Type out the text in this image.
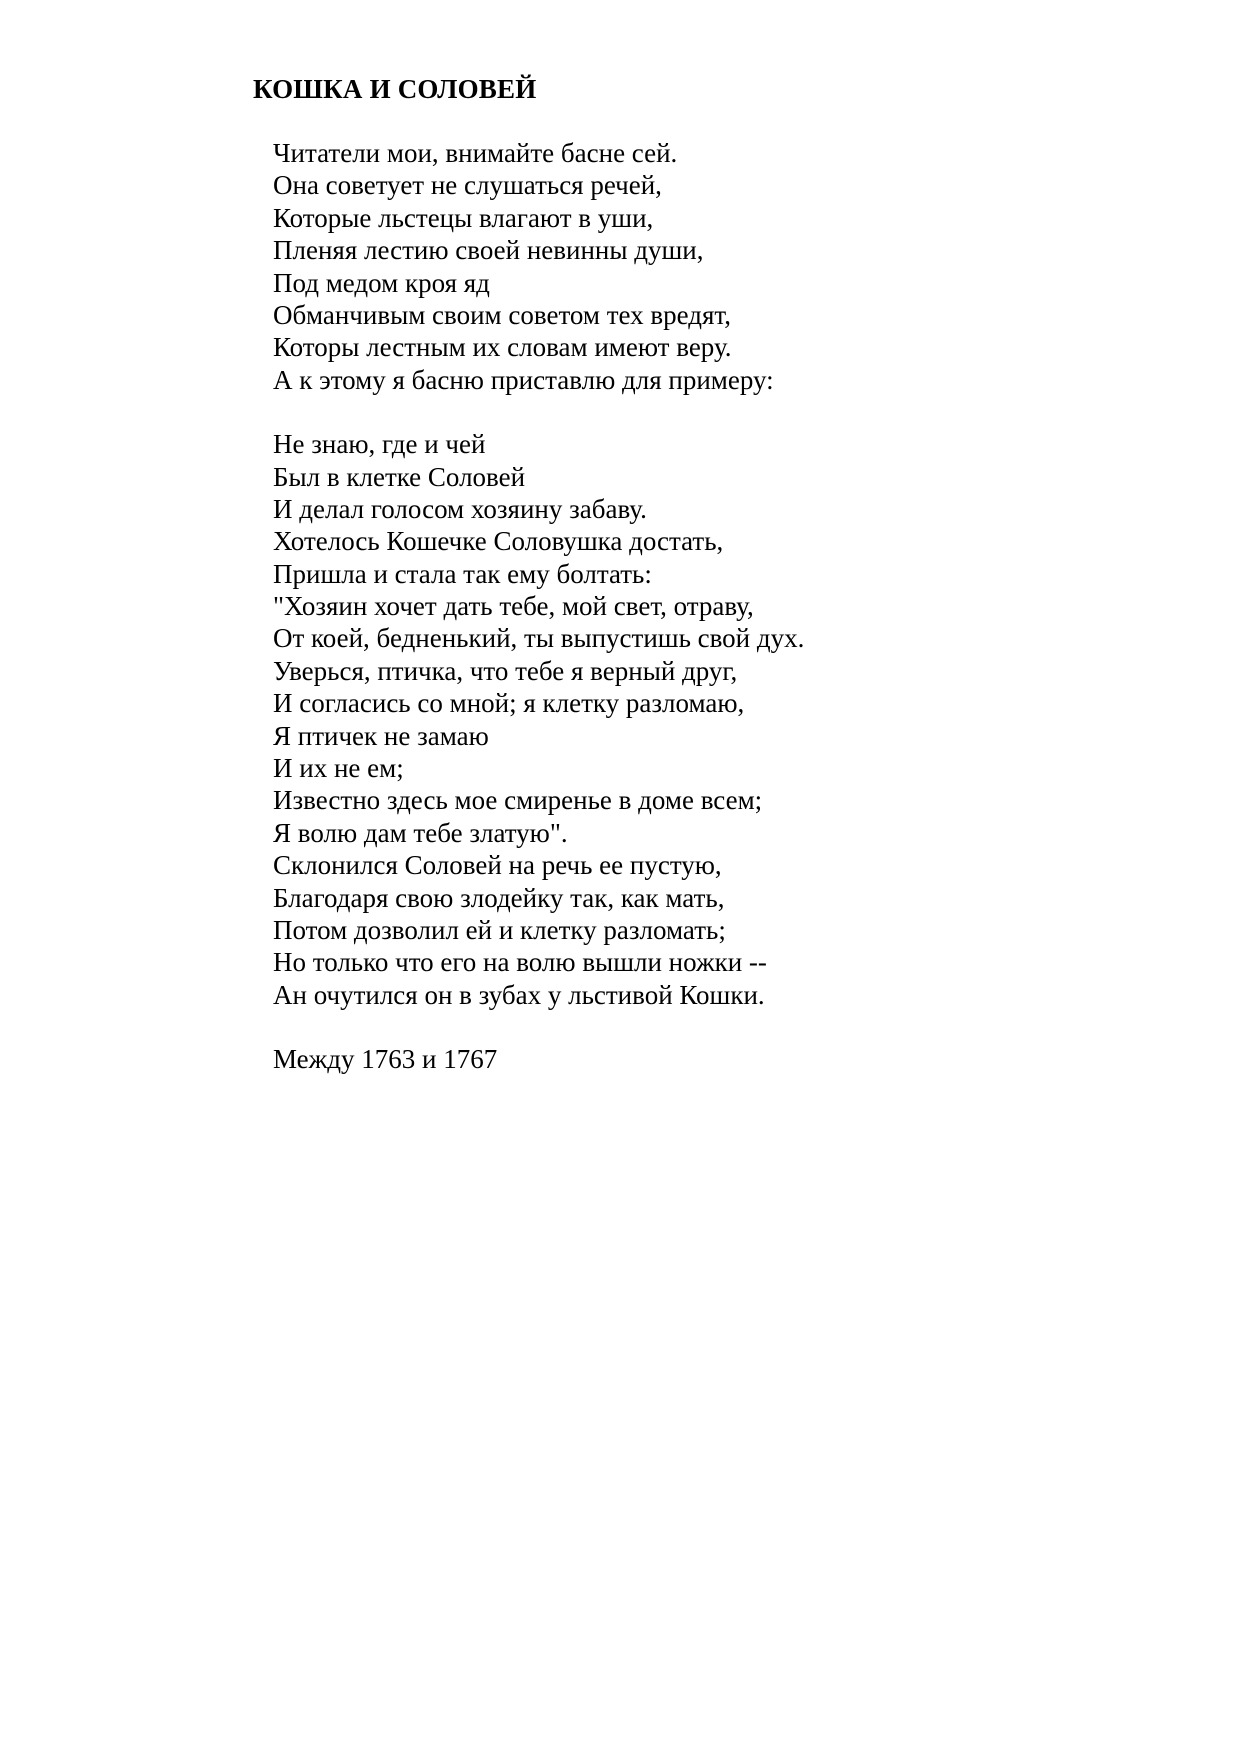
КОШКА И СОЛОВЕЙ
Читатели мои, внимайте басне сей.
Она советует не слушаться речей,
Которые льстецы влагают в уши,
Пленяя лестию своей невинны души,
Под медом кроя яд
Обманчивым своим советом тех вредят,
Которы лестным их словам имеют веру.
А к этому я басню приставлю для примеру:
Не знаю, где и чей
Был в клетке Соловей
И делал голосом хозяину забаву.
Хотелось Кошечке Соловушка достать,
Пришла и стала так ему болтать:
"Хозяин хочет дать тебе, мой свет, отраву,
От коей, бедненький, ты выпустишь свой дух.
Уверься, птичка, что тебе я верный друг,
И согласись со мной; я клетку разломаю,
Я птичек не замаю
И их не ем;
Известно здесь мое смиренье в доме всем;
Я волю дам тебе златую".
Склонился Соловей на речь ее пустую,
Благодаря свою злодейку так, как мать,
Потом дозволил ей и клетку разломать;
Но только что его на волю вышли ножки --
Ан очутился он в зубах у льстивой Кошки.
Между 1763 и 1767
